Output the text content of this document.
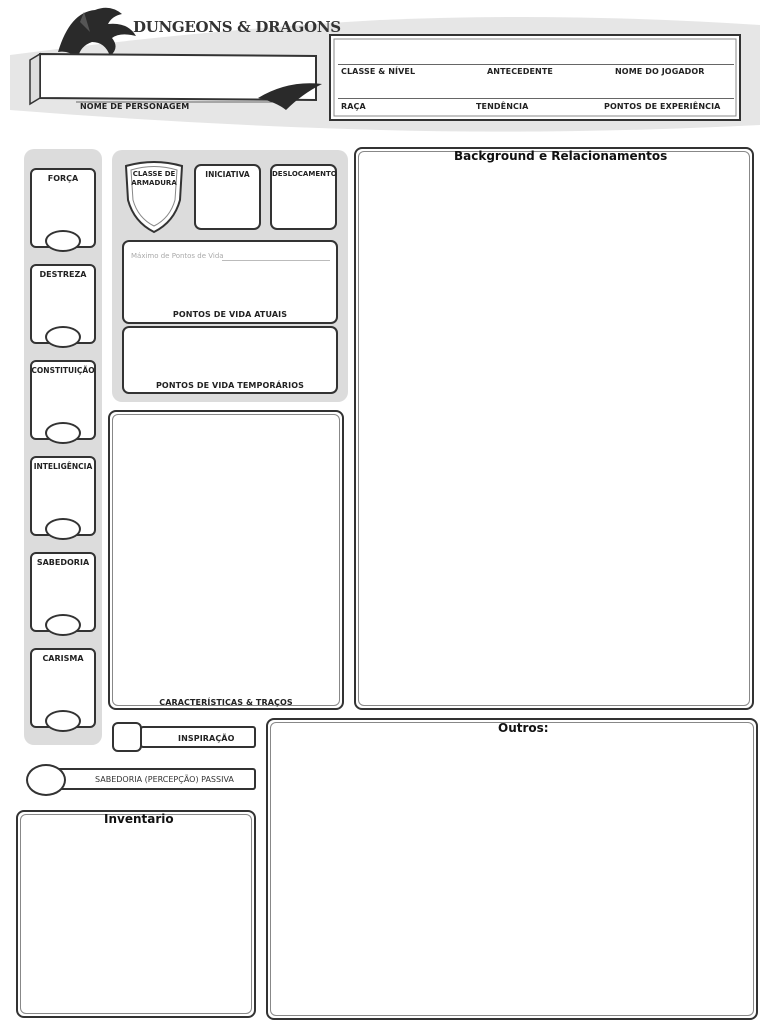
DUNGEONS & DRAGONS
NOME DE PERSONAGEM
CLASSE & NÍVEL	ANTECEDENTE	NOME DO JOGADOR
RAÇA	TENDÊNCIA	PONTOS DE EXPERIÊNCIA
FORÇA
DESTREZA
CONSTITUIÇÃO
INTELIGÊNCIA
SABEDORIA
CARISMA
CLASSE DE ARMADURA
INICIATIVA	DESLOCAMENTO
Máximo de Pontos de Vida
PONTOS DE VIDA ATUAIS
PONTOS DE VIDA TEMPORÁRIOS
CARACTERÍSTICAS & TRAÇOS
INSPIRAÇÃO
SABEDORIA (PERCEPÇÃO) PASSIVA
Inventario
Background e Relacionamentos
Outros:
